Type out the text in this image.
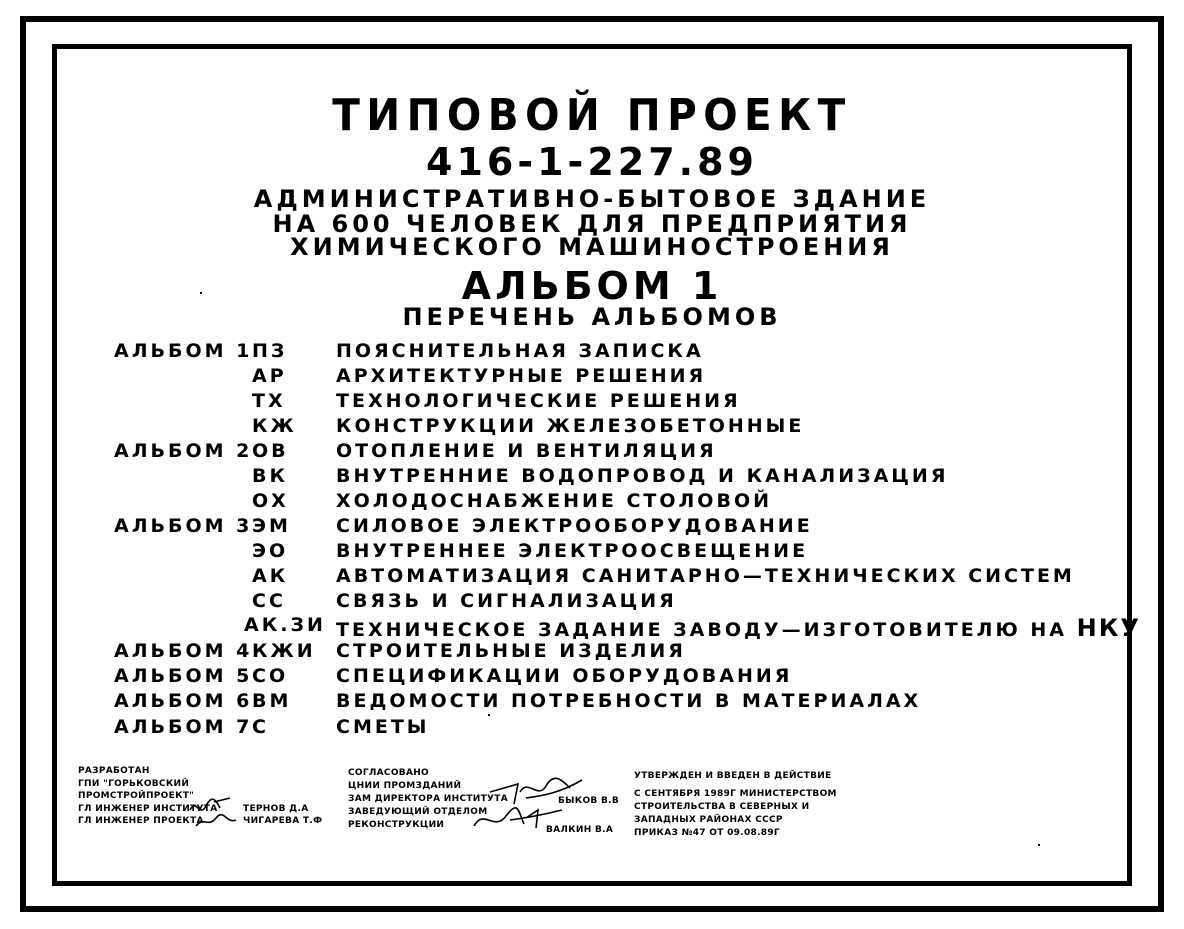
ТИПОВОЙ ПРОЕКТ
416-1-227.89
АДМИНИСТРАТИВНО-БЫТОВОЕ ЗДАНИЕ
НА 600 ЧЕЛОВЕК ДЛЯ ПРЕДПРИЯТИЯ
ХИМИЧЕСКОГО МАШИНОСТРОЕНИЯ
АЛЬБОМ 1
ПЕРЕЧЕНЬ АЛЬБОМОВ
АЛЬБОМ 1 ПЗ	ПОЯСНИТЕЛЬНАЯ ЗАПИСКА
АР	АРХИТЕКТУРНЫЕ РЕШЕНИЯ
ТХ	ТЕХНОЛОГИЧЕСКИЕ РЕШЕНИЯ
КЖ	КОНСТРУКЦИИ ЖЕЛЕЗОБЕТОННЫЕ
АЛЬБОМ 2 ОВ	ОТОПЛЕНИЕ И ВЕНТИЛЯЦИЯ
ВК	ВНУТРЕННИЕ ВОДОПРОВОД И КАНАЛИЗАЦИЯ
ОХ	ХОЛОДОСНАБЖЕНИЕ СТОЛОВОЙ
АЛЬБОМ 3 ЭМ	СИЛОВОЕ ЭЛЕКТРООБОРУДОВАНИЕ
ЭО	ВНУТРЕННЕЕ ЭЛЕКТРООСВЕЩЕНИЕ
АК	АВТОМАТИЗАЦИЯ САНИТАРНО—ТЕХНИЧЕСКИХ СИСТЕМ
СС	СВЯЗЬ И СИГНАЛИЗАЦИЯ
АК.ЗИ ТЕХНИЧЕСКОЕ ЗАДАНИЕ ЗАВОДУ—ИЗГОТОВИТЕЛЮ НА НКУ
АЛЬБОМ 4 КЖИ	СТРОИТЕЛЬНЫЕ ИЗДЕЛИЯ
АЛЬБОМ 5 СО	СПЕЦИФИКАЦИИ ОБОРУДОВАНИЯ
АЛЬБОМ 6 ВМ	ВЕДОМОСТИ ПОТРЕБНОСТИ В МАТЕРИАЛАХ
АЛЬБОМ 7 С	СМЕТЫ
РАЗРАБОТАН
ГПИ "ГОРЬКОВСКИЙ
ПРОМСТРОЙПРОЕКТ"
ГЛ ИНЖЕНЕР ИНСТИТУТА
ГЛ ИНЖЕНЕР ПРОЕКТА
ТЕРНОВ Д.А
ЧИГАРЕВА Т.Ф
СОГЛАСОВАНО
ЦНИИ ПРОМЗДАНИЙ
ЗАМ ДИРЕКТОРА ИНСТИТУТА
ЗАВЕДУЮЩИЙ ОТДЕЛОМ
РЕКОНСТРУКЦИИ
БЫКОВ В.В
ВАЛКИН В.А
УТВЕРЖДЕН И ВВЕДЕН В ДЕЙСТВИЕ
С СЕНТЯБРЯ 1989Г МИНИСТЕРСТВОМ
СТРОИТЕЛЬСТВА В СЕВЕРНЫХ И
ЗАПАДНЫХ РАЙОНАХ СССР
ПРИКАЗ №47 ОТ 09.08.89Г
